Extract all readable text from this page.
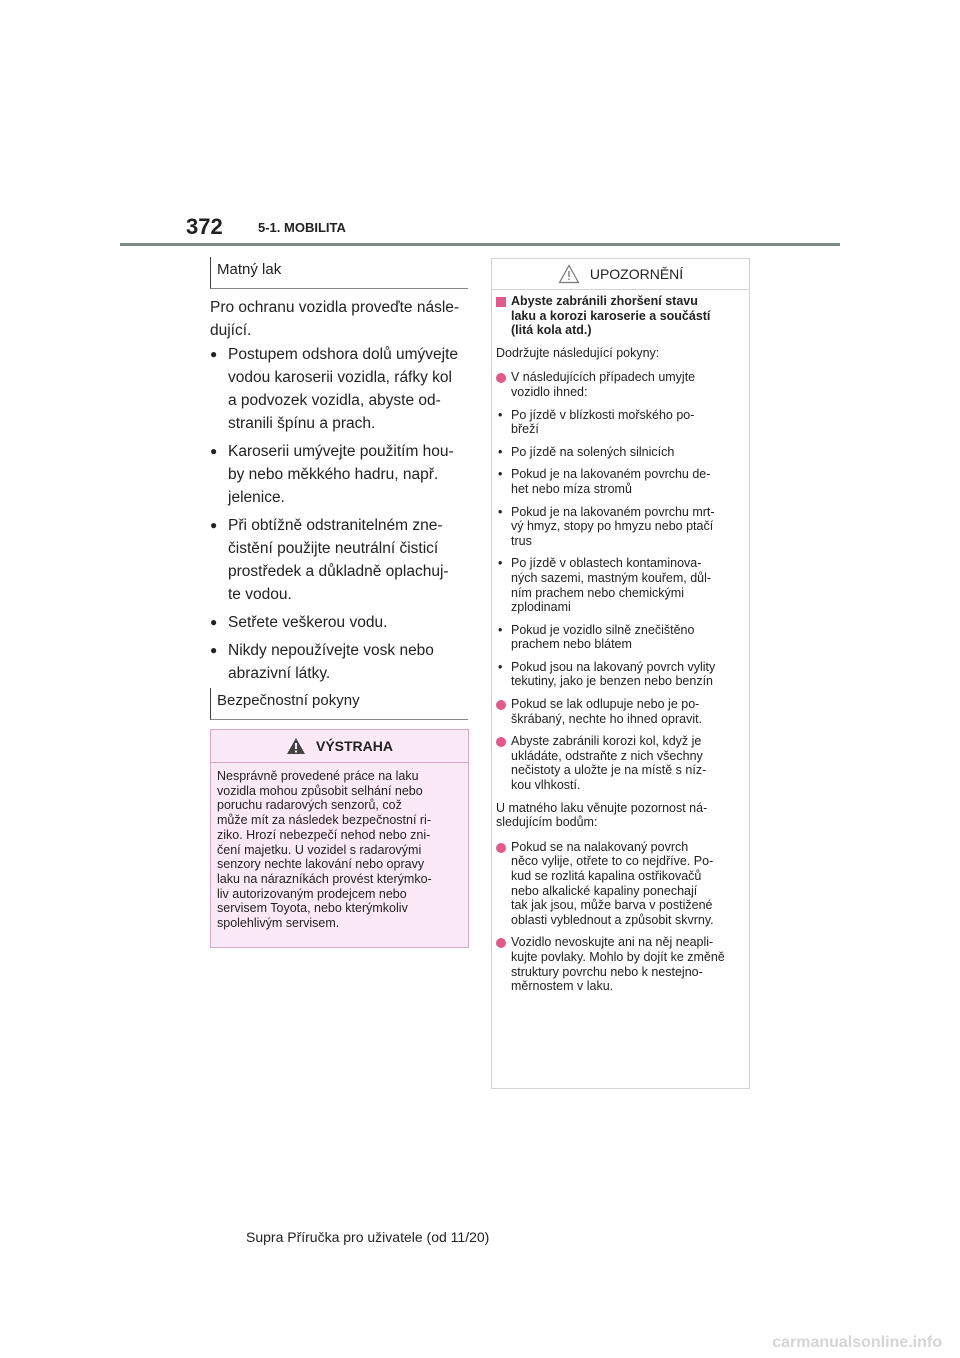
372	5-1. MOBILITA
Matný lak
Pro ochranu vozidla proveďte násle-
dující.
● Postupem odshora dolů umývejte
vodou karoserii vozidla, ráfky kol
a podvozek vozidla, abyste od-
stranili špínu a prach.
● Karoserii umývejte použitím hou-
by nebo měkkého hadru, např.
jelenice.
● Při obtížně odstranitelném zne-
čistění použijte neutrální čisticí
prostředek a důkladně oplachuj-
te vodou.
● Setřete veškerou vodu.
● Nikdy nepoužívejte vosk nebo
abrazivní látky.
Bezpečnostní pokyny
VÝSTRAHA
Nesprávně provedené práce na laku
vozidla mohou způsobit selhání nebo
poruchu radarových senzorů, což
může mít za následek bezpečnostní ri-
ziko. Hrozí nebezpečí nehod nebo zni-
čení majetku. U vozidel s radarovými
senzory nechte lakování nebo opravy
laku na nárazníkách provést kterýmko-
liv autorizovaným prodejcem nebo
servisem Toyota, nebo kterýmkoliv
spolehlivým servisem.
UPOZORNĚNÍ
Abyste zabránili zhoršení stavu
laku a korozi karoserie a součástí
(litá kola atd.)

Dodržujte následující pokyny:

V následujících případech umyjte
vozidlo ihned:
• Po jízdě v blízkosti mořského po-
břeží
• Po jízdě na solených silnicích
• Pokud je na lakovaném povrchu de-
het nebo míza stromů
• Pokud je na lakovaném povrchu mrt-
vý hmyz, stopy po hmyzu nebo ptačí
trus
• Po jízdě v oblastech kontaminova-
ných sazemi, mastným kouřem, důl-
ním prachem nebo chemickými
zplodinami
• Pokud je vozidlo silně znečištěno
prachem nebo blátem
• Pokud jsou na lakovaný povrch vylity
tekutiny, jako je benzen nebo benzín
Pokud se lak odlupuje nebo je po-
škrábaný, nechte ho ihned opravit.
Abyste zabránili korozi kol, když je
ukládáte, odstraňte z nich všechny
nečistoty a uložte je na místě s níz-
kou vlhkostí.
U matného laku věnujte pozornost ná-
sledujícím bodům:
Pokud se na nalakovaný povrch
něco vylije, otřete to co nejdříve. Po-
kud se rozlitá kapalina ostřikovačů
nebo alkalické kapaliny ponechají
tak jak jsou, může barva v postižené
oblasti vyblednout a způsobit skvrny.
Vozidlo nevoskujte ani na něj neapli-
kujte povlaky. Mohlo by dojít ke změně
struktury povrchu nebo k nestejno-
měrnostem v laku.
Supra Příručka pro uživatele (od 11/20)
carmanualsonline.info
